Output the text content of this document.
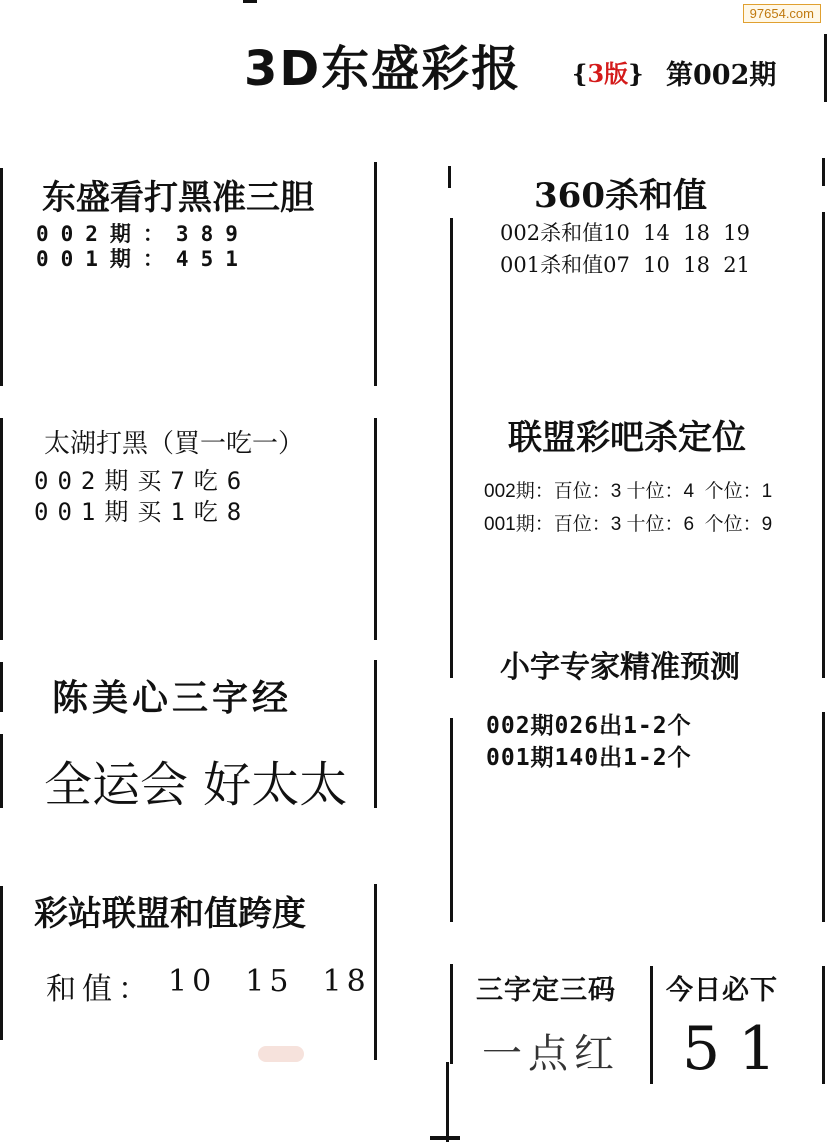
97654.com
3D东盛彩报 {3版} 第002期
东盛看打黑准三胆
002期：389
001期：451
太湖打黑（買一吃一）
002期买7吃6
001期买1吃8
陈美心三字经
全运会 好太太
彩站联盟和值跨度
和值： 10  15  18
360杀和值
002杀和值10  14  18  19
001杀和值07  10  18  21
联盟彩吧杀定位
002期：百位：3 十位：4  个位：1
001期：百位：3 十位：6  个位：9
小字专家精准预测
002期026出1-2个
001期140出1-2个
三字定三码
一点红
今日必下
51
